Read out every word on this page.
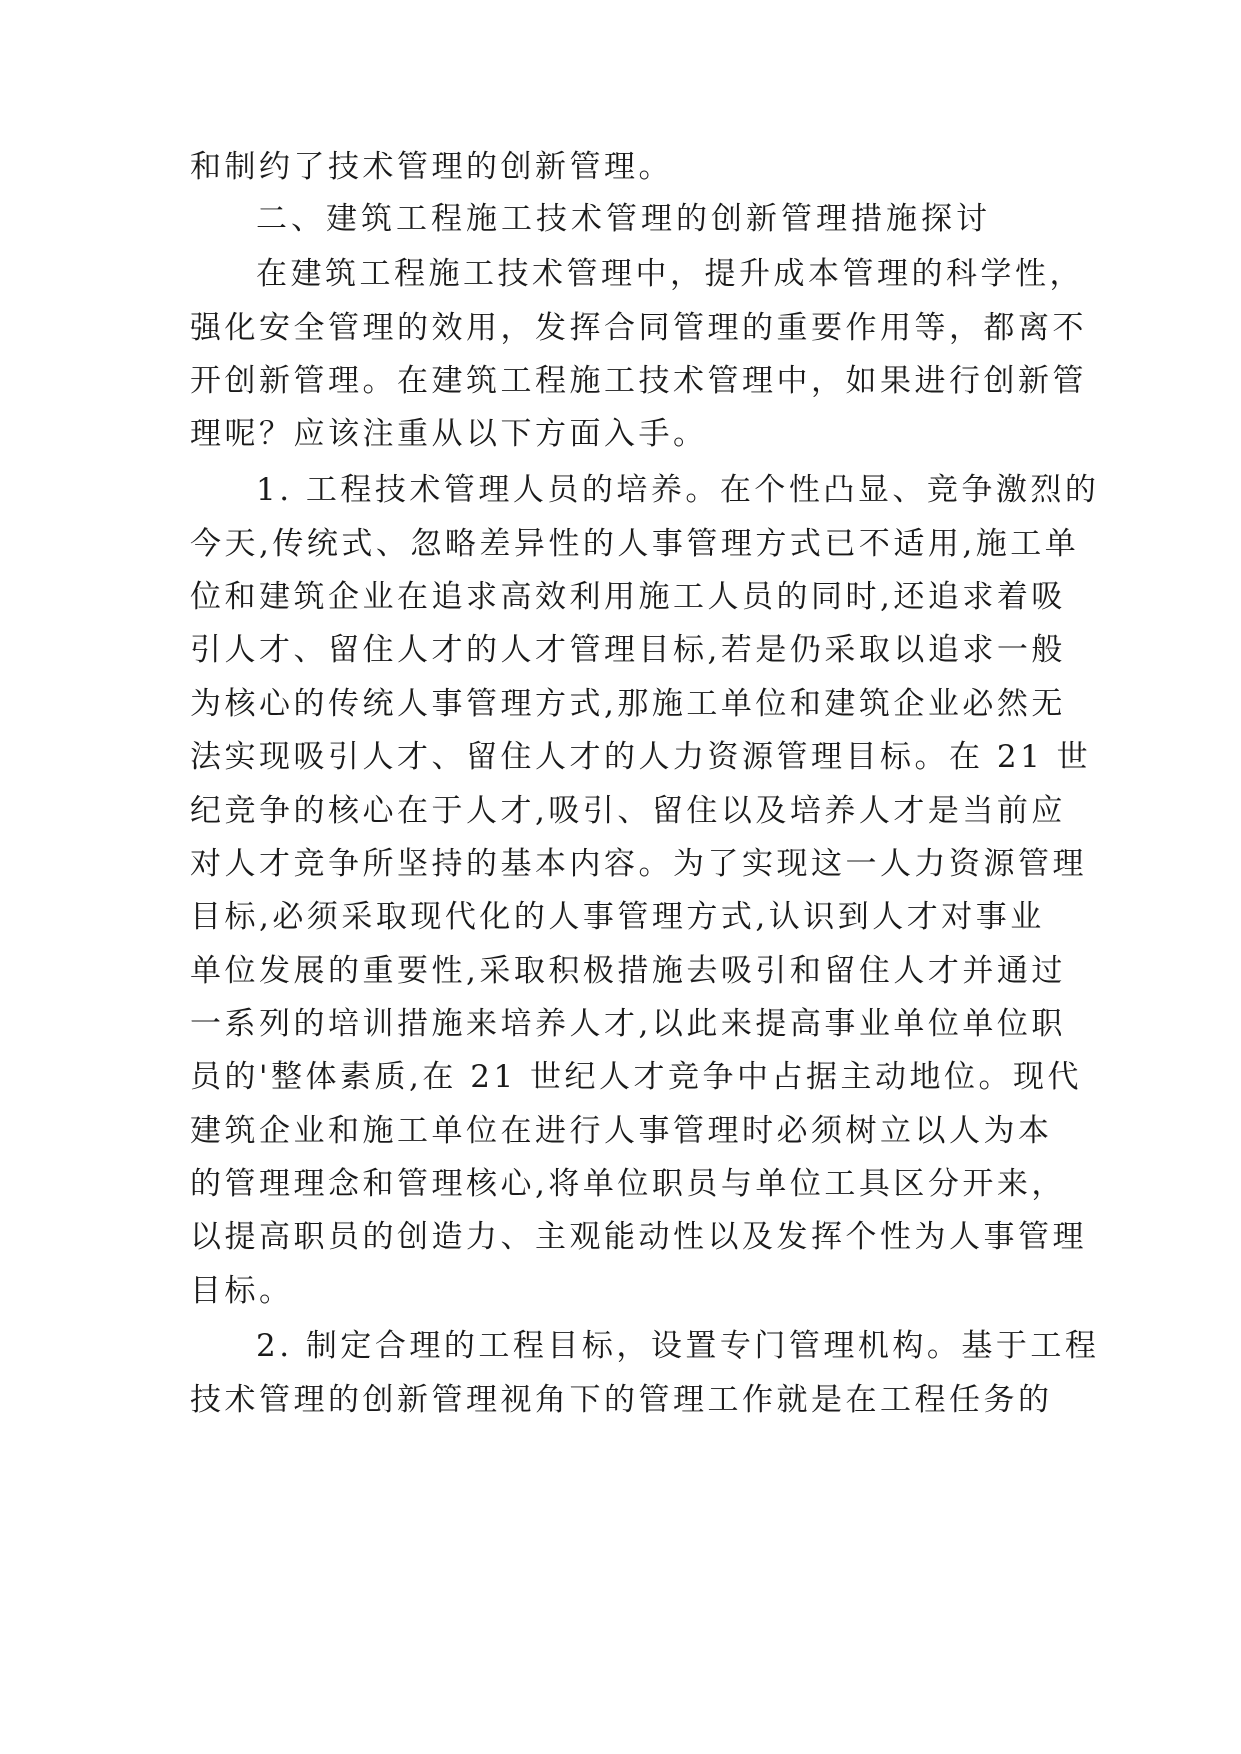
和制约了技术管理的创新管理。
二、建筑工程施工技术管理的创新管理措施探讨
在建筑工程施工技术管理中，提升成本管理的科学性，
强化安全管理的效用，发挥合同管理的重要作用等，都离不
开创新管理。在建筑工程施工技术管理中，如果进行创新管
理呢？应该注重从以下方面入手。
1. 工程技术管理人员的培养。在个性凸显、竞争激烈的
今天,传统式、忽略差异性的人事管理方式已不适用,施工单
位和建筑企业在追求高效利用施工人员的同时,还追求着吸
引人才、留住人才的人才管理目标,若是仍采取以追求一般
为核心的传统人事管理方式,那施工单位和建筑企业必然无
法实现吸引人才、留住人才的人力资源管理目标。在 21 世
纪竞争的核心在于人才,吸引、留住以及培养人才是当前应
对人才竞争所坚持的基本内容。为了实现这一人力资源管理
目标,必须采取现代化的人事管理方式,认识到人才对事业
单位发展的重要性,采取积极措施去吸引和留住人才并通过
一系列的培训措施来培养人才,以此来提高事业单位单位职
员的'整体素质,在 21 世纪人才竞争中占据主动地位。现代
建筑企业和施工单位在进行人事管理时必须树立以人为本
的管理理念和管理核心,将单位职员与单位工具区分开来，
以提高职员的创造力、主观能动性以及发挥个性为人事管理
目标。
2. 制定合理的工程目标，设置专门管理机构。基于工程
技术管理的创新管理视角下的管理工作就是在工程任务的
